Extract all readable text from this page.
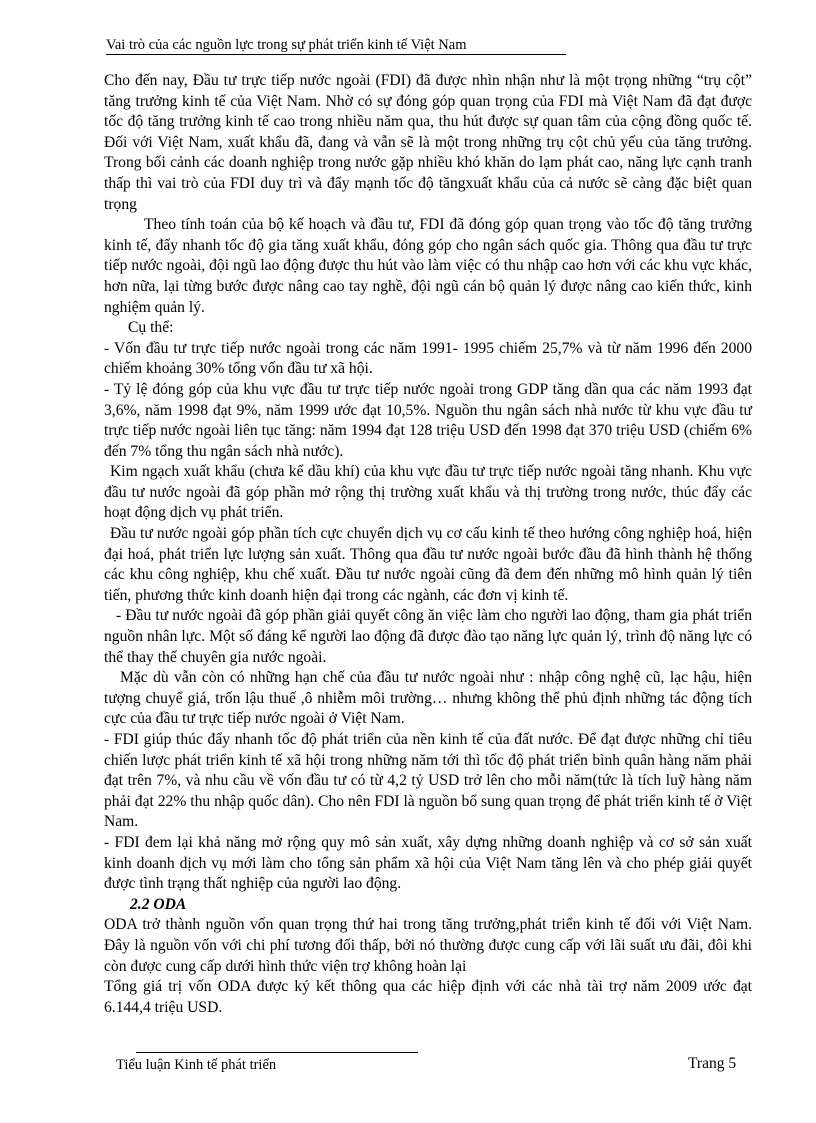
Vai trò của các nguồn lực trong sự phát triển kinh tế Việt Nam

Cho đến nay, Đầu tư trực tiếp nước ngoài (FDI) đã được nhìn nhận như là một trọng những “trụ cột” tăng trưởng kinh tế của Việt Nam. Nhờ có sự đóng góp quan trọng của FDI mà Việt Nam đã đạt được tốc độ tăng trưởng kinh tế cao trong nhiều năm qua, thu hút được sự quan tâm của cộng đồng quốc tế. Đối với Việt Nam, xuất khẩu đã, đang và vẫn sẽ là một trong những trụ cột chủ yếu của tăng trưởng. Trong bối cảnh các doanh nghiệp trong nước gặp nhiều khó khăn do lạm phát cao, năng lực cạnh tranh thấp thì vai trò của FDI duy trì và đẩy mạnh tốc độ tăngxuất khẩu của cả nước sẽ càng đặc biệt quan trọng

Theo tính toán của bộ kế hoạch và đầu tư, FDI đã đóng góp quan trọng vào tốc độ tăng trưởng kinh tế, đẩy nhanh tốc độ gia tăng xuất khẩu, đóng góp cho ngân sách quốc gia. Thông qua đầu tư trực tiếp nước ngoài, đội ngũ lao động được thu hút vào làm việc có thu nhập cao hơn với các khu vực khác, hơn nữa, lại từng bước được nâng cao tay nghề, đội ngũ cán bộ quản lý được nâng cao kiến thức, kinh nghiệm quản lý.

Cụ thể:

- Vốn đầu tư trực tiếp nước ngoài trong các năm 1991- 1995 chiếm 25,7% và từ năm 1996 đến 2000 chiếm khoảng 30% tổng vốn đầu tư xã hội.

- Tỷ lệ đóng góp của khu vực đầu tư trực tiếp nước ngoài trong GDP tăng dần qua các năm 1993 đạt 3,6%, năm 1998 đạt 9%, năm 1999 ước đạt 10,5%. Nguồn thu ngân sách nhà nước từ khu vực đầu tư trực tiếp nước ngoài liên tục tăng: năm 1994 đạt 128 triệu USD đến 1998 đạt 370 triệu USD (chiếm 6% đến 7% tổng thu ngân sách nhà nước).

Kim ngạch xuất khẩu (chưa kể dầu khí) của khu vực đầu tư trực tiếp nước ngoài tăng nhanh. Khu vực đầu tư nước ngoài đã góp phần mở rộng thị trường xuất khẩu và thị trường trong nước, thúc đẩy các hoạt động dịch vụ phát triển.

Đầu tư nước ngoài góp phần tích cực chuyển dịch vụ cơ cấu kinh tế theo hướng công nghiệp hoá, hiện đại hoá, phát triển lực lượng sản xuất. Thông qua đầu tư nước ngoài bước đầu đã hình thành hệ thống các khu công nghiệp, khu chế xuất. Đầu tư nước ngoài cũng đã đem đến những mô hình quản lý tiên tiến, phương thức kinh doanh hiện đại trong các ngành, các đơn vị kinh tế.

- Đầu tư nước ngoài đã góp phần giải quyết công ăn việc làm cho người lao động, tham gia phát triển nguồn nhân lực. Một số đáng kể người lao động đã được đào tạo năng lực quản lý, trình độ năng lực có thể thay thế chuyên gia nước ngoài.

Mặc dù vẫn còn có những hạn chế của đầu tư nước ngoài như : nhập công nghệ cũ, lạc hậu, hiện tượng chuyể giá, trốn lậu thuế ,ô nhiễm môi trường… nhưng không thể phủ định những tác động tích cực của đầu tư trực tiếp nước ngoài ở Việt Nam.

- FDI giúp thúc đẩy nhanh tốc độ phát triển của nền kinh tế của đất nước. Để đạt được những chỉ tiêu chiến lược phát triển kinh tế xã hội trong những năm tới thì tốc độ phát triển bình quân hàng năm phải đạt trên 7%, và nhu cầu về vốn đầu tư có từ 4,2 tỷ USD trở lên cho mỗi năm(tức là tích luỹ hàng năm phải đạt 22% thu nhập quốc dân). Cho nên FDI là nguồn bổ sung quan trọng để phát triển kinh tế ở Việt Nam.

- FDI đem lại khả năng mở rộng quy mô sản xuất, xây dựng những doanh nghiệp và cơ sở sản xuất kinh doanh dịch vụ mới làm cho tổng sản phẩm xã hội của Việt Nam tăng lên và cho phép giải quyết được tình trạng thất nghiệp của người lao động.

2.2 ODA

ODA trở thành nguồn vốn quan trọng thứ hai trong tăng trưởng,phát triển kinh tế đối với Việt Nam. Đây là nguồn vốn với chi phí tương đối thấp, bởi nó thường được cung cấp với lãi suất ưu đãi, đôi khi còn được cung cấp dưới hình thức viện trợ không hoàn lại

Tổng giá trị vốn ODA được ký kết thông qua các hiệp định với các nhà tài trợ năm 2009 ước đạt 6.144,4 triệu USD.

Tiểu luận Kinh tế phát triển	Trang 5
